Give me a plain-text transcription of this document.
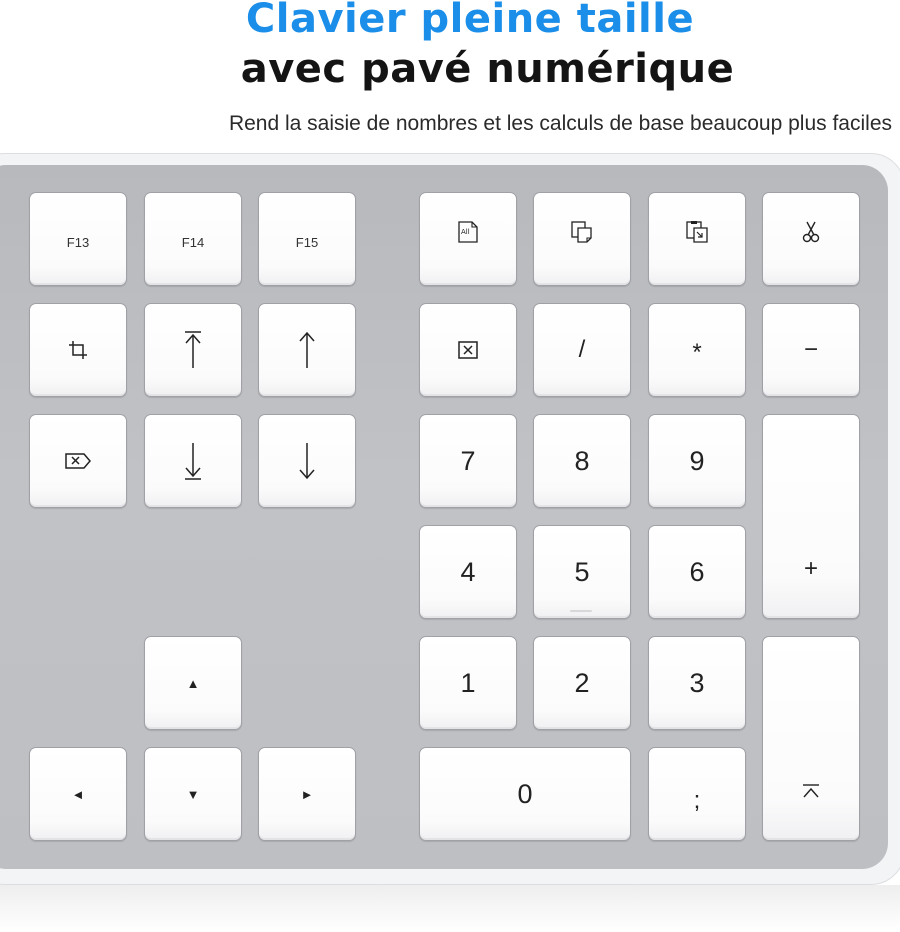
Clavier pleine taille
avec pavé numérique
Rend la saisie de nombres et les calculs de base beaucoup plus faciles
F13	F14	F15
All
/	*	−
7	8	9
+
4	5	6
▲	1	2	3
◄	▼	►	0	;
